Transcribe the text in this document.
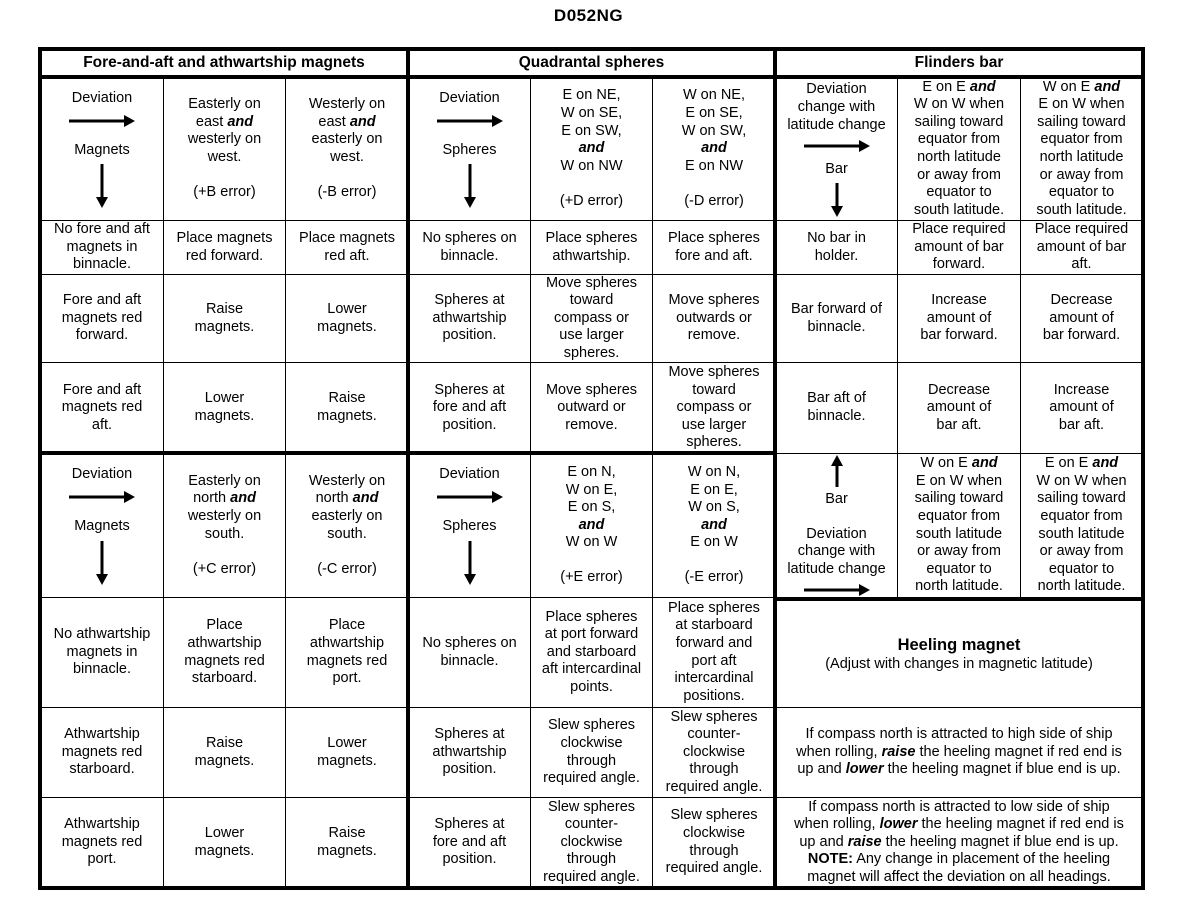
D052NG
Fore-and-aft and athwartship magnets	Quadrantal spheres	Flinders bar
Deviation
Magnets
Easterly on
east and
westerly on
west.
(+B error)
Westerly on
east and
easterly on
west.
(-B error)
No fore and aft
magnets in
binnacle.
Place magnets
red forward.
Place magnets
red aft.
Fore and aft
magnets red
forward.
Raise
magnets.
Lower
magnets.
Fore and aft
magnets red
aft.
Lower
magnets.
Raise
magnets.
Deviation
Spheres
E on NE,
W on SE,
E on SW,
and
W on NW
(+D error)
W on NE,
E on SE,
W on SW,
and
E on NW
(-D error)
No spheres on
binnacle.
Place spheres
athwartship.
Place spheres
fore and aft.
Spheres at
athwartship
position.
Move spheres
toward
compass or
use larger
spheres.
Move spheres
outwards or
remove.
Spheres at
fore and aft
position.
Move spheres
outward or
remove.
Move spheres
toward
compass or
use larger
spheres.
Deviation
Magnets
Easterly on
north and
westerly on
south.
(+C error)
Westerly on
north and
easterly on
south.
(-C error)
No athwartship
magnets in
binnacle.
Place
athwartship
magnets red
starboard.
Place
athwartship
magnets red
port.
Athwartship
magnets red
starboard.
Raise
magnets.
Lower
magnets.
Athwartship
magnets red
port.
Lower
magnets.
Raise
magnets.
Deviation
Spheres
E on N,
W on E,
E on S,
and
W on W
(+E error)
W on N,
E on E,
W on S,
and
E on W
(-E error)
No spheres on
binnacle.
Place spheres
at port forward
and starboard
aft intercardinal
points.
Place spheres
at starboard
forward and
port aft
intercardinal
positions.
Spheres at
athwartship
position.
Slew spheres
clockwise
through
required angle.
Slew spheres
counter-
clockwise
through
required angle.
Spheres at
fore and aft
position.
Slew spheres
counter-
clockwise
through
required angle.
Slew spheres
clockwise
through
required angle.
Deviation
change with
latitude change
Bar
E on E and
W on W when
sailing toward
equator from
north latitude
or away from
equator to
south latitude.
W on E and
E on W when
sailing toward
equator from
north latitude
or away from
equator to
south latitude.
No bar in
holder.
Place required
amount of bar
forward.
Place required
amount of bar
aft.
Bar forward of
binnacle.
Increase
amount of
bar forward.
Decrease
amount of
bar forward.
Bar aft of
binnacle.
Decrease
amount of
bar aft.
Increase
amount of
bar aft.
Bar
Deviation
change with
latitude change
W on E and
E on W when
sailing toward
equator from
south latitude
or away from
equator to
north latitude.
E on E and
W on W when
sailing toward
equator from
south latitude
or away from
equator to
north latitude.
Heeling magnet
(Adjust with changes in magnetic latitude)
If compass north is attracted to high side of ship
when rolling, raise the heeling magnet if red end is
up and lower the heeling magnet if blue end is up.
If compass north is attracted to low side of ship
when rolling, lower the heeling magnet if red end is
up and raise the heeling magnet if blue end is up.
NOTE: Any change in placement of the heeling
magnet will affect the deviation on all headings.
